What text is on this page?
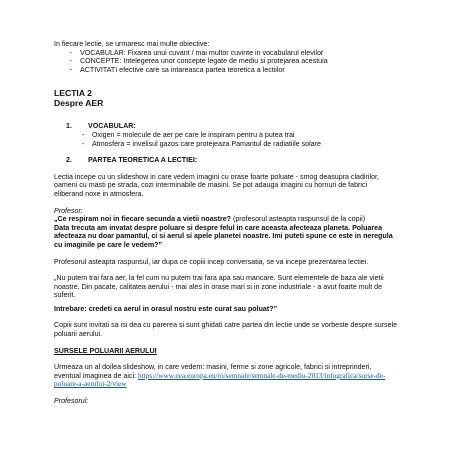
In fiecare lectie, se urmaresc mai multe obiective:

-	VOCABULAR: Fixarea unui cuvant / mai multor cuvinte in vocabularul elevilor
-	CONCEPTE: Intelegerea unor concepte legate de mediu si protejarea acestuia
-	ACTIVITATI efective care sa intareasca partea teoretica a lectiilor

LECTIA 2

Despre AER

1.	VOCABULAR:
-	Oxigen = molecule de aer pe care le inspiram pentru a putea trai
-	Atmosfera = invelisul gazos care protejeaza Pamantul de radiatiile solare
2.	PARTEA TEORETICA A LECTIEI:

Lectia incepe cu un slideshow in care vedem imagini cu orase foarte poluate - smog deasupra cladirilor, oameni cu masti pe strada, cozi interminabile de masini. Se pot adauga imagini cu hornuri de fabrici eliberand noxe in atmosfera.

Profesor:

„Ce respiram noi in fiecare secunda a vietii noastre? (profesorul asteapta raspunsul de la copii)

Data trecuta am invatat despre poluare si despre felul in care aceasta afecteaza planeta. Poluarea afecteaza nu doar pamantul, ci si aerul si apele planetei noastre. Imi puteti spune ce este in neregula cu imaginile pe care le vedem?”

Profesorul asteapta raspunsul, iar dupa ce copiii incep conversatia, se va incepe prezentarea lectiei.

„Nu putem trai fara aer, la fel cum nu putem trai fara apa sau mancare. Sunt elementele de baza ale vietii noastre. Din pacate, calitatea aerului - mai ales in orase mari si in zone industriale - a avut foarte mult de suferit.

Intrebare: credeti ca aerul in orasul nostru este curat sau poluat?”

Copiii sunt invitati sa isi dea cu parerea si sunt ghidati catre partea din lectie unde se vorbeste despre sursele poluarii aerului.

SURSELE POLUARII AERULUI

Urmeaza un al doilea slideshow, in care vedem: masini, ferme si zone agricole, fabrici si intreprinderi, eventual imaginea de aici: https://www.eea.europa.eu/ro/semnale/semnale-de-mediu-2013/infografica/surse-de-poluare-a-aerului-2/view

Profesorul:
